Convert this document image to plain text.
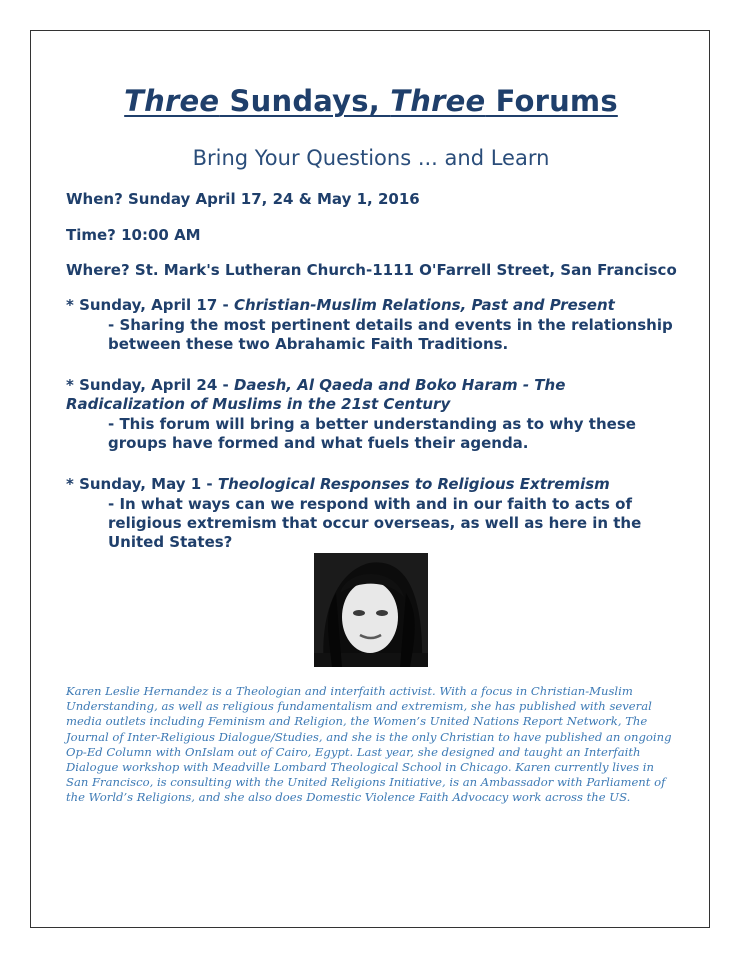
Three Sundays, Three Forums
Bring Your Questions ... and Learn
When? Sunday April 17, 24 & May 1, 2016
Time? 10:00 AM
Where? St. Mark's Lutheran Church-1111 O'Farrell Street, San Francisco
* Sunday, April 17 - Christian-Muslim Relations, Past and Present
- Sharing the most pertinent details and events in the relationship between these two Abrahamic Faith Traditions.
* Sunday, April 24 - Daesh, Al Qaeda and Boko Haram - The Radicalization of Muslims in the 21st Century
- This forum will bring a better understanding as to why these groups have formed and what fuels their agenda.
* Sunday, May 1 - Theological Responses to Religious Extremism
- In what ways can we respond with and in our faith to acts of religious extremism that occur overseas, as well as here in the United States?
Karen Leslie Hernandez is a Theologian and interfaith activist. With a focus in Christian-Muslim Understanding, as well as religious fundamentalism and extremism, she has published with several media outlets including Feminism and Religion, the Women’s United Nations Report Network, The Journal of Inter-Religious Dialogue/Studies, and she is the only Christian to have published an ongoing Op-Ed Column with OnIslam out of Cairo, Egypt. Last year, she designed and taught an Interfaith Dialogue workshop with Meadville Lombard Theological School in Chicago. Karen currently lives in San Francisco, is consulting with the United Religions Initiative, is an Ambassador with Parliament of the World’s Religions, and she also does Domestic Violence Faith Advocacy work across the US.
